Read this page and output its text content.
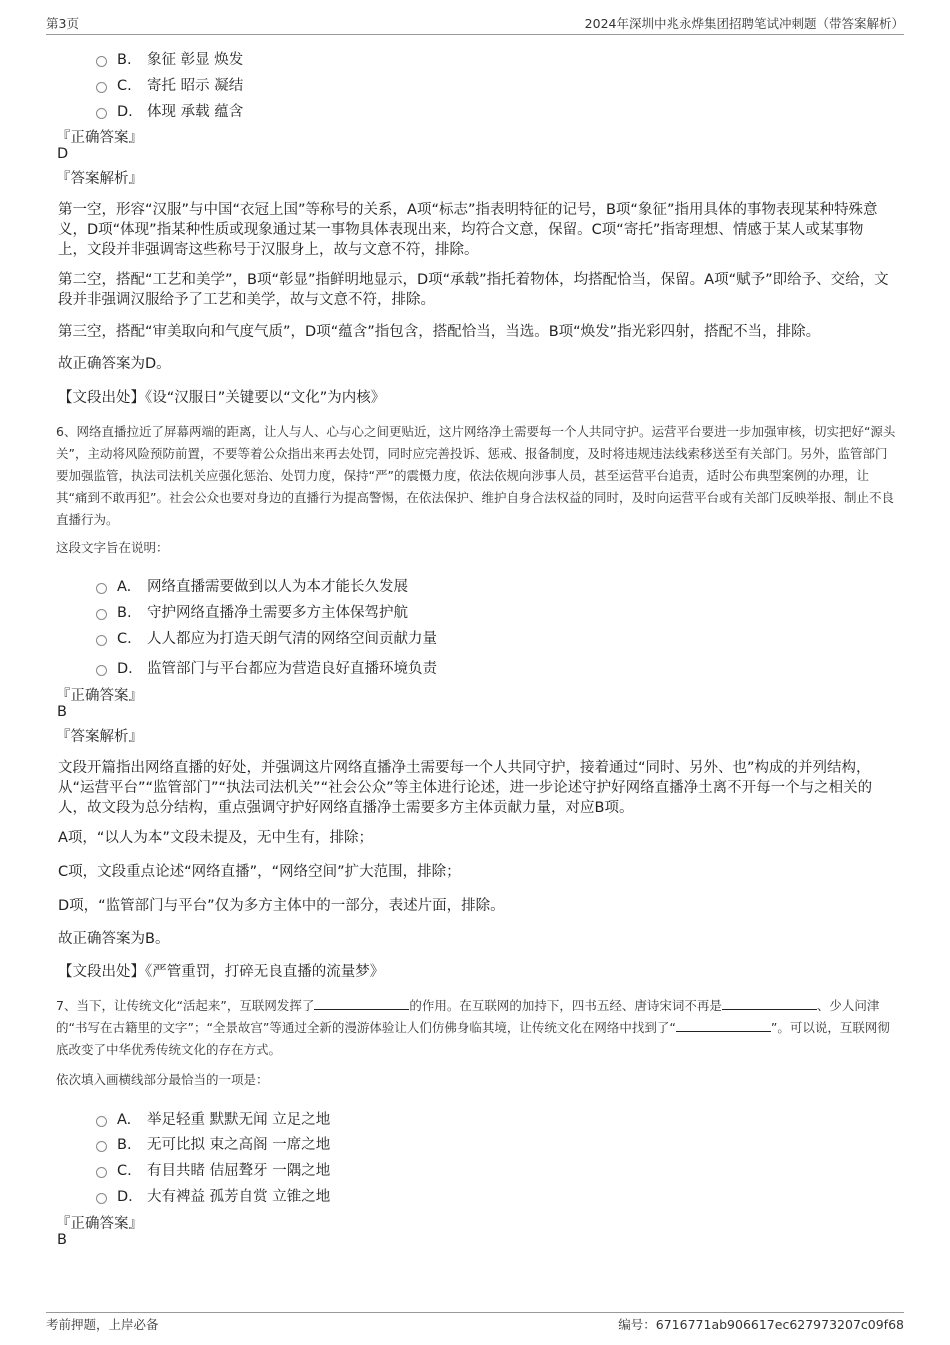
第3页	2024年深圳中兆永烨集团招聘笔试冲刺题（带答案解析）
B. 象征 彰显 焕发
C. 寄托 昭示 凝结
D. 体现 承载 蕴含
『正确答案』
D
『答案解析』
第一空，形容“汉服”与中国“衣冠上国”等称号的关系，A项“标志”指表明特征的记号，B项“象征”指用具体的事物表现某种特殊意义，D项“体现”指某种性质或现象通过某一事物具体表现出来，均符合文意，保留。C项“寄托”指寄理想、情感于某人或某事物上，文段并非强调寄这些称号于汉服身上，故与文意不符，排除。
第二空，搭配“工艺和美学”，B项“彰显”指鲜明地显示，D项“承载”指托着物体，均搭配恰当，保留。A项“赋予”即给予、交给，文段并非强调汉服给予了工艺和美学，故与文意不符，排除。
第三空，搭配“审美取向和气度气质”，D项“蕴含”指包含，搭配恰当，当选。B项“焕发”指光彩四射，搭配不当，排除。
故正确答案为D。
【文段出处】《设“汉服日”关键要以“文化”为内核》
6、网络直播拉近了屏幕两端的距离，让人与人、心与心之间更贴近，这片网络净土需要每一个人共同守护。运营平台要进一步加强审核，切实把好“源头关”，主动将风险预防前置，不要等着公众指出来再去处罚，同时应完善投诉、惩戒、报备制度，及时将违规违法线索移送至有关部门。另外，监管部门要加强监管，执法司法机关应强化惩治、处罚力度，保持“严”的震慑力度，依法依规向涉事人员，甚至运营平台追责，适时公布典型案例的办理，让其“痛到不敢再犯”。社会公众也要对身边的直播行为提高警惕，在依法保护、维护自身合法权益的同时，及时向运营平台或有关部门反映举报、制止不良直播行为。
这段文字旨在说明：
A. 网络直播需要做到以人为本才能长久发展
B. 守护网络直播净土需要多方主体保驾护航
C. 人人都应为打造天朗气清的网络空间贡献力量
D. 监管部门与平台都应为营造良好直播环境负责
『正确答案』
B
『答案解析』
文段开篇指出网络直播的好处，并强调这片网络直播净土需要每一个人共同守护，接着通过“同时、另外、也”构成的并列结构，从“运营平台”“监管部门”“执法司法机关”“社会公众”等主体进行论述，进一步论述守护好网络直播净土离不开每一个与之相关的人，故文段为总分结构，重点强调守护好网络直播净土需要多方主体贡献力量，对应B项。
A项，“以人为本”文段未提及，无中生有，排除；
C项，文段重点论述“网络直播”，“网络空间”扩大范围，排除；
D项，“监管部门与平台”仅为多方主体中的一部分，表述片面，排除。
故正确答案为B。
【文段出处】《严管重罚，打碎无良直播的流量梦》
7、当下，让传统文化“活起来”，互联网发挥了	的作用。在互联网的加持下，四书五经、唐诗宋词不再是	、少人问津的“书写在古籍里的文字”；“全景故宫”等通过全新的漫游体验让人们仿佛身临其境，让传统文化在网络中找到了“	”。可以说，互联网彻底改变了中华优秀传统文化的存在方式。
依次填入画横线部分最恰当的一项是：
A. 举足轻重 默默无闻 立足之地
B. 无可比拟 束之高阁 一席之地
C. 有目共睹 佶屈聱牙 一隅之地
D. 大有裨益 孤芳自赏 立锥之地
『正确答案』
B
考前押题，上岸必备	编号：6716771ab906617ec627973207c09f68
